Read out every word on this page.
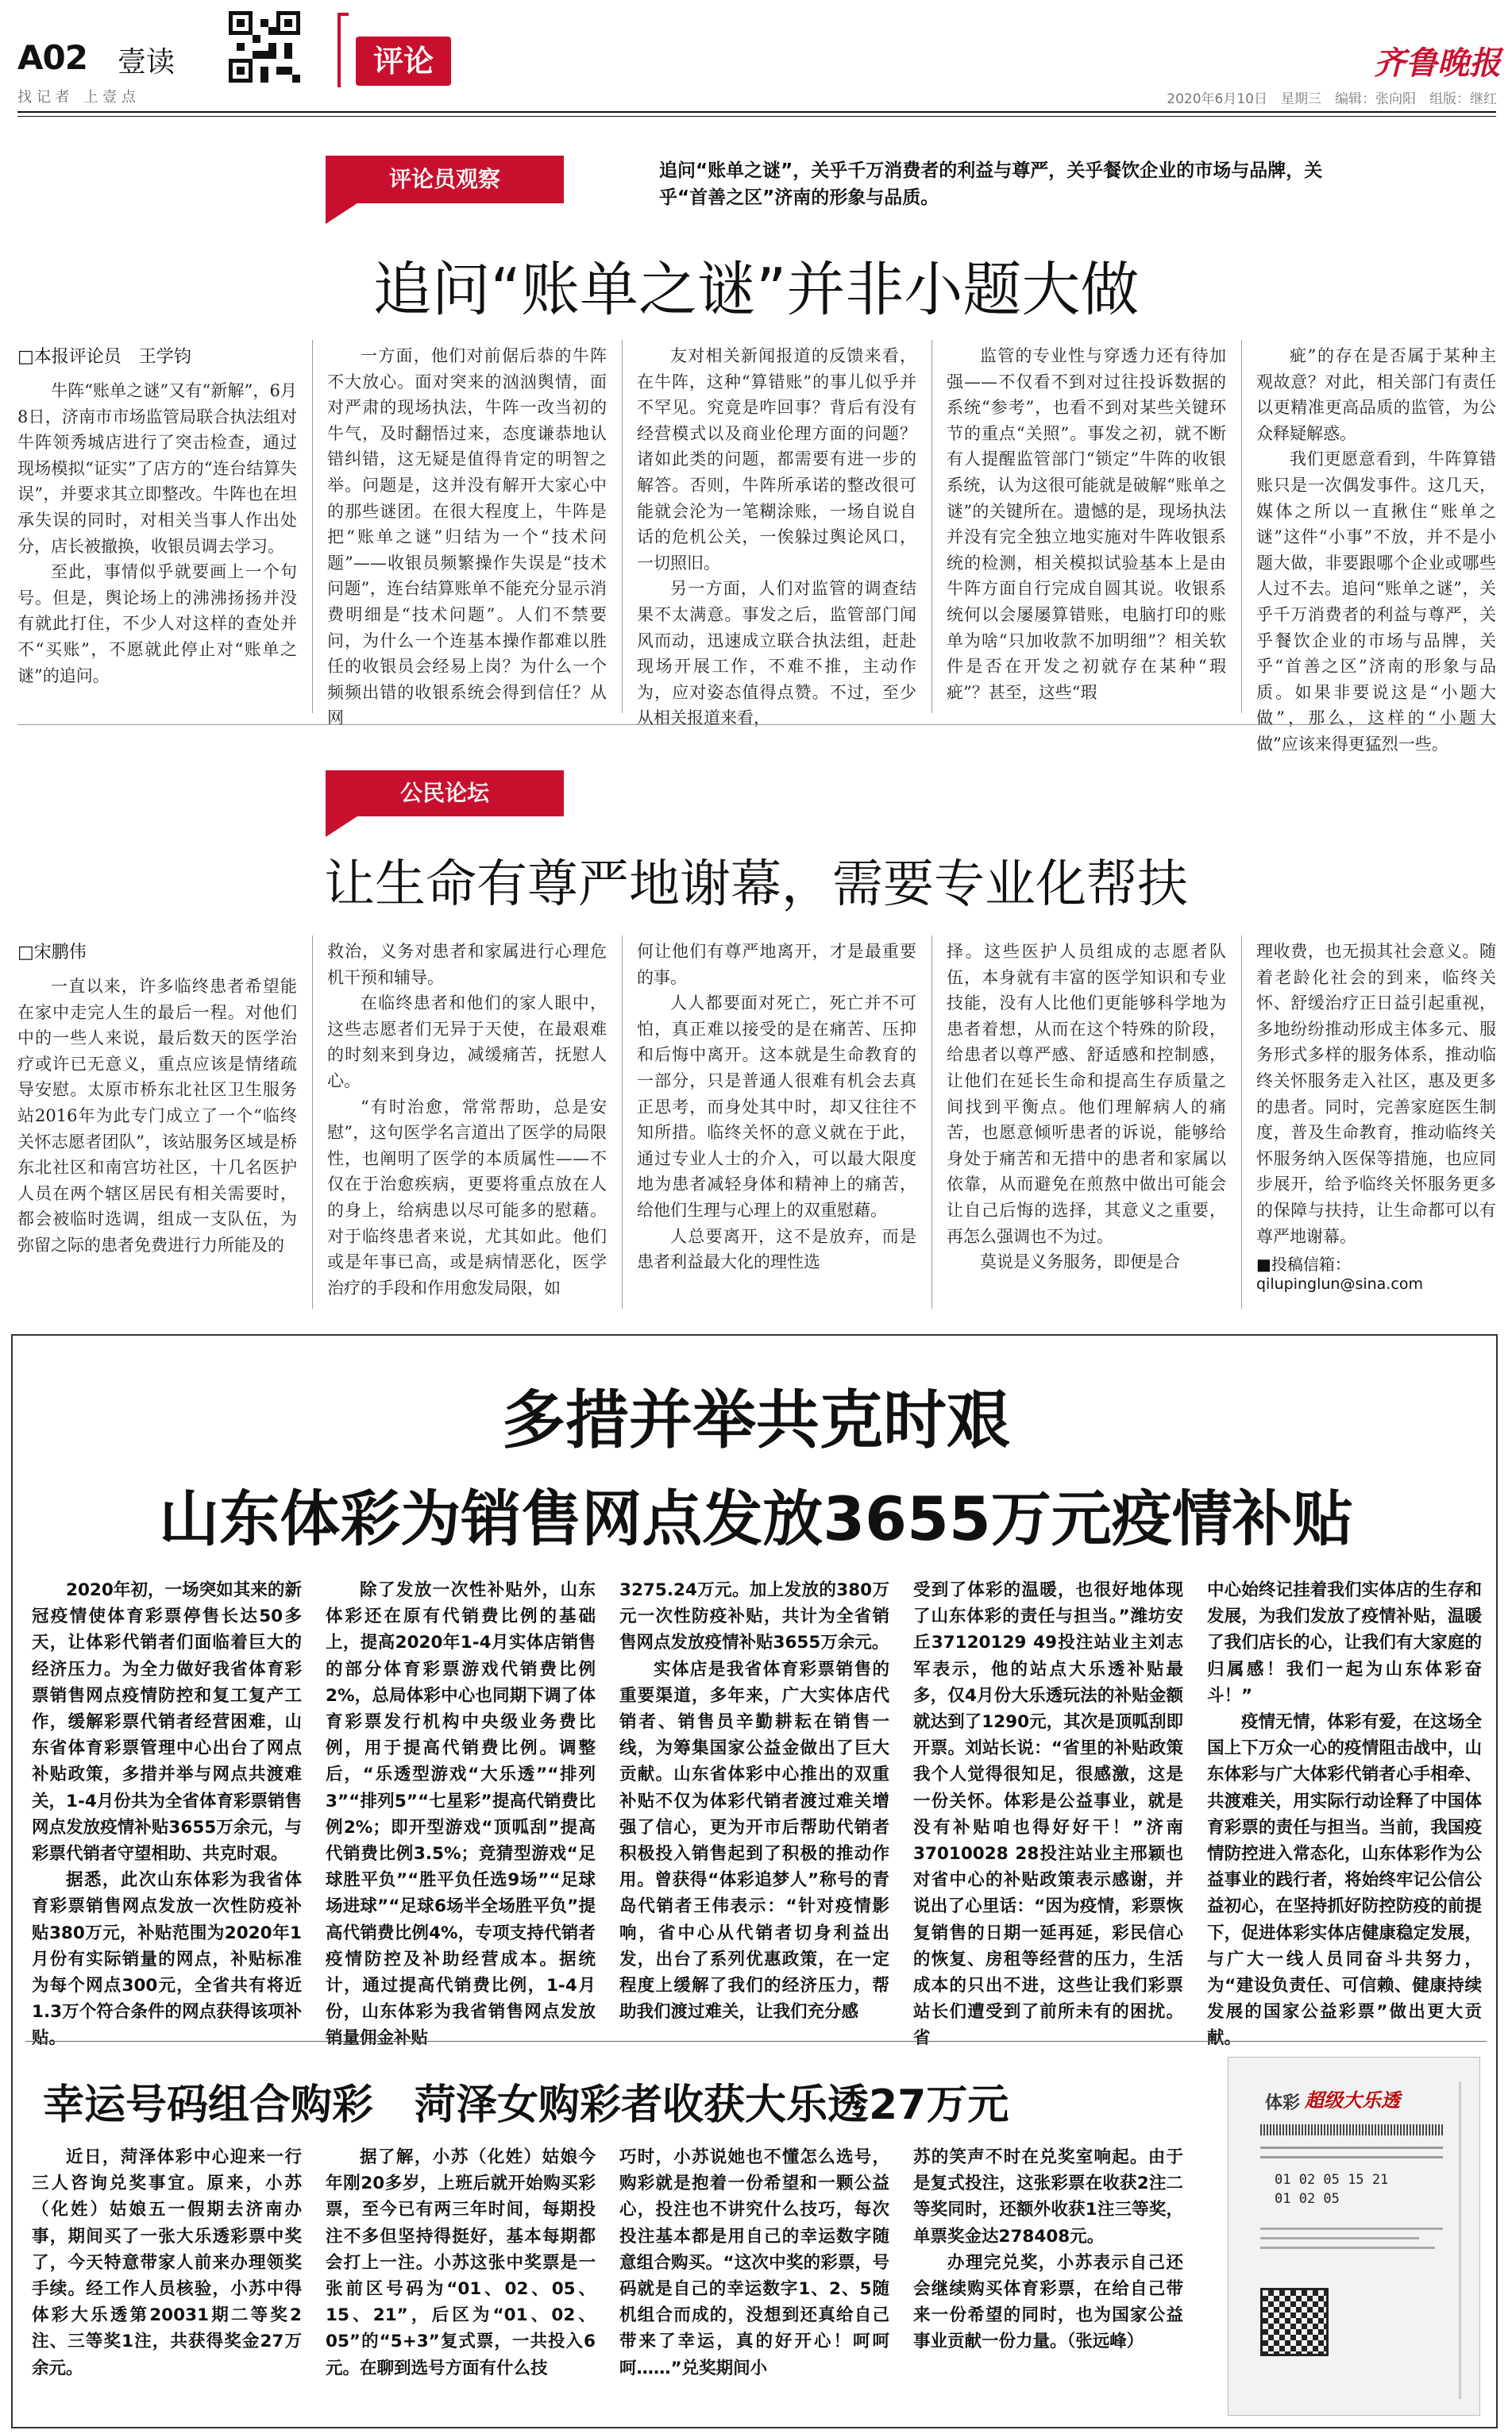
A02 壹读
找 记 者　上 壹 点
评论	齐鲁晚报
2020年6月10日　星期三　编辑：张向阳　组版：继红
评论员观察	追问“账单之谜”，关乎千万消费者的利益与尊严，关乎餐饮企业的市场与品牌，关乎“首善之区”济南的形象与品质。
追问“账单之谜”并非小题大做
□本报评论员　王学钧

牛阵“账单之谜”又有“新解”，6月8日，济南市市场监管局联合执法组对牛阵领秀城店进行了突击检查，通过现场模拟“证实”了店方的“连台结算失误”，并要求其立即整改。牛阵也在坦承失误的同时，对相关当事人作出处分，店长被撤换，收银员调去学习。

至此，事情似乎就要画上一个句号。但是，舆论场上的沸沸扬扬并没有就此打住，不少人对这样的查处并不“买账”，不愿就此停止对“账单之谜”的追问。

一方面，他们对前倨后恭的牛阵不大放心。面对突来的汹汹舆情，面对严肃的现场执法，牛阵一改当初的牛气，及时翻悟过来，态度谦恭地认错纠错，这无疑是值得肯定的明智之举。问题是，这并没有解开大家心中的那些谜团。在很大程度上，牛阵是把“账单之谜”归结为一个“技术问题”——收银员频繁操作失误是“技术问题”，连台结算账单不能充分显示消费明细是“技术问题”。人们不禁要问，为什么一个连基本操作都难以胜任的收银员会经易上岗？为什么一个频频出错的收银系统会得到信任？从网

友对相关新闻报道的反馈来看，在牛阵，这种“算错账”的事儿似乎并不罕见。究竟是咋回事？背后有没有经营模式以及商业伦理方面的问题？诸如此类的问题，都需要有进一步的解答。否则，牛阵所承诺的整改很可能就会沦为一笔糊涂账，一场自说自话的危机公关，一俟躲过舆论风口，一切照旧。

另一方面，人们对监管的调查结果不太满意。事发之后，监管部门闻风而动，迅速成立联合执法组，赶赴现场开展工作，不难不推，主动作为，应对姿态值得点赞。不过，至少从相关报道来看，

监管的专业性与穿透力还有待加强——不仅看不到对过往投诉数据的系统“参考”，也看不到对某些关键环节的重点“关照”。事发之初，就不断有人提醒监管部门“锁定”牛阵的收银系统，认为这很可能就是破解“账单之谜”的关键所在。遗憾的是，现场执法并没有完全独立地实施对牛阵收银系统的检测，相关模拟试验基本上是由牛阵方面自行完成自圆其说。收银系统何以会屡屡算错账，电脑打印的账单为啥“只加收款不加明细”？相关软件是否在开发之初就存在某种“瑕疵”？甚至，这些“瑕

疵”的存在是否属于某种主观故意？对此，相关部门有责任以更精准更高品质的监管，为公众释疑解惑。

我们更愿意看到，牛阵算错账只是一次偶发事件。这几天，媒体之所以一直揪住“账单之谜”这件“小事”不放，并不是小题大做，非要跟哪个企业或哪些人过不去。追问“账单之谜”，关乎千万消费者的利益与尊严，关乎餐饮企业的市场与品牌，关乎“首善之区”济南的形象与品质。如果非要说这是“小题大做”，那么，这样的“小题大做”应该来得更猛烈一些。

公民论坛
让生命有尊严地谢幕，需要专业化帮扶
□宋鹏伟

一直以来，许多临终患者希望能在家中走完人生的最后一程。对他们中的一些人来说，最后数天的医学治疗或许已无意义，重点应该是情绪疏导安慰。太原市桥东北社区卫生服务站2016年为此专门成立了一个“临终关怀志愿者团队”，该站服务区域是桥东北社区和南宫坊社区，十几名医护人员在两个辖区居民有相关需要时，都会被临时选调，组成一支队伍，为弥留之际的患者免费进行力所能及的

救治，义务对患者和家属进行心理危机干预和辅导。

在临终患者和他们的家人眼中，这些志愿者们无异于天使，在最艰难的时刻来到身边，减缓痛苦，抚慰人心。

“有时治愈，常常帮助，总是安慰”，这句医学名言道出了医学的局限性，也阐明了医学的本质属性——不仅在于治愈疾病，更要将重点放在人的身上，给病患以尽可能多的慰藉。对于临终患者来说，尤其如此。他们或是年事已高，或是病情恶化，医学治疗的手段和作用愈发局限，如

何让他们有尊严地离开，才是最重要的事。

人人都要面对死亡，死亡并不可怕，真正难以接受的是在痛苦、压抑和后悔中离开。这本就是生命教育的一部分，只是普通人很难有机会去真正思考，而身处其中时，却又往往不知所措。临终关怀的意义就在于此，通过专业人士的介入，可以最大限度地为患者减轻身体和精神上的痛苦，给他们生理与心理上的双重慰藉。

人总要离开，这不是放弃，而是患者利益最大化的理性选

择。这些医护人员组成的志愿者队伍，本身就有丰富的医学知识和专业技能，没有人比他们更能够科学地为患者着想，从而在这个特殊的阶段，给患者以尊严感、舒适感和控制感，让他们在延长生命和提高生存质量之间找到平衡点。他们理解病人的痛苦，也愿意倾听患者的诉说，能够给身处于痛苦和无措中的患者和家属以依靠，从而避免在煎熬中做出可能会让自己后悔的选择，其意义之重要，再怎么强调也不为过。

莫说是义务服务，即便是合

理收费，也无损其社会意义。随着老龄化社会的到来，临终关怀、舒缓治疗正日益引起重视，多地纷纷推动形成主体多元、服务形式多样的服务体系，推动临终关怀服务走入社区，惠及更多的患者。同时，完善家庭医生制度，普及生命教育，推动临终关怀服务纳入医保等措施，也应同步展开，给予临终关怀服务更多的保障与扶持，让生命都可以有尊严地谢幕。

■投稿信箱：
qilupinglun@sina.com
多措并举共克时艰
山东体彩为销售网点发放3655万元疫情补贴

2020年初，一场突如其来的新冠疫情使体育彩票停售长达50多天，让体彩代销者们面临着巨大的经济压力。为全力做好我省体育彩票销售网点疫情防控和复工复产工作，缓解彩票代销者经营困难，山东省体育彩票管理中心出台了网点补贴政策，多措并举与网点共渡难关，1-4月份共为全省体育彩票销售网点发放疫情补贴3655万余元，与彩票代销者守望相助、共克时艰。

据悉，此次山东体彩为我省体育彩票销售网点发放一次性防疫补贴380万元，补贴范围为2020年1月份有实际销量的网点，补贴标准为每个网点300元，全省共有将近1.3万个符合条件的网点获得该项补贴。

除了发放一次性补贴外，山东体彩还在原有代销费比例的基础上，提高2020年1-4月实体店销售的部分体育彩票游戏代销费比例2%，总局体彩中心也同期下调了体育彩票发行机构中央级业务费比例，用于提高代销费比例。调整后，“乐透型游戏“大乐透”“排列3”“排列5”“七星彩”提高代销费比例2%；即开型游戏“顶呱刮”提高代销费比例3.5%；竞猜型游戏“足球胜平负”“胜平负任选9场”“足球场进球”“足球6场半全场胜平负”提高代销费比例4%，专项支持代销者疫情防控及补助经营成本。据统计，通过提高代销费比例，1-4月份，山东体彩为我省销售网点发放销量佣金补贴

3275.24万元。加上发放的380万元一次性防疫补贴，共计为全省销售网点发放疫情补贴3655万余元。

实体店是我省体育彩票销售的重要渠道，多年来，广大实体店代销者、销售员辛勤耕耘在销售一线，为筹集国家公益金做出了巨大贡献。山东省体彩中心推出的双重补贴不仅为体彩代销者渡过难关增强了信心，更为开市后帮助代销者积极投入销售起到了积极的推动作用。曾获得“体彩追梦人”称号的青岛代销者王伟表示：“针对疫情影响，省中心从代销者切身利益出发，出台了系列优惠政策，在一定程度上缓解了我们的经济压力，帮助我们渡过难关，让我们充分感

受到了体彩的温暖，也很好地体现了山东体彩的责任与担当。”潍坊安丘37120129 49投注站业主刘志军表示，他的站点大乐透补贴最多，仅4月份大乐透玩法的补贴金额就达到了1290元，其次是顶呱刮即开票。刘站长说：“省里的补贴政策我个人觉得很知足，很感激，这是一份关怀。体彩是公益事业，就是没有补贴咱也得好好干！”济南37010028 28投注站业主邢颖也对省中心的补贴政策表示感谢，并说出了心里话：“因为疫情，彩票恢复销售的日期一延再延，彩民信心的恢复、房租等经营的压力，生活成本的只出不进，这些让我们彩票站长们遭受到了前所未有的困扰。省

中心始终记挂着我们实体店的生存和发展，为我们发放了疫情补贴，温暖了我们店长的心，让我们有大家庭的归属感！我们一起为山东体彩奋斗！”

疫情无情，体彩有爱，在这场全国上下万众一心的疫情阻击战中，山东体彩与广大体彩代销者心手相牵、共渡难关，用实际行动诠释了中国体育彩票的责任与担当。当前，我国疫情防控进入常态化，山东体彩作为公益事业的践行者，将始终牢记公信公益初心，在坚持抓好防控防疫的前提下，促进体彩实体店健康稳定发展，与广大一线人员同奋斗共努力，为“建设负责任、可信赖、健康持续发展的国家公益彩票”做出更大贡献。

幸运号码组合购彩　菏泽女购彩者收获大乐透27万元

近日，菏泽体彩中心迎来一行三人咨询兑奖事宜。原来，小苏（化姓）姑娘五一假期去济南办事，期间买了一张大乐透彩票中奖了，今天特意带家人前来办理领奖手续。经工作人员核验，小苏中得体彩大乐透第20031期二等奖2注、三等奖1注，共获得奖金27万余元。

据了解，小苏（化姓）姑娘今年刚20多岁，上班后就开始购买彩票，至今已有两三年时间，每期投注不多但坚持得挺好，基本每期都会打上一注。小苏这张中奖票是一张前区号码为“01、02、05、15、21”，后区为“01、02、05”的“5+3”复式票，一共投入6元。在聊到选号方面有什么技

巧时，小苏说她也不懂怎么选号，购彩就是抱着一份希望和一颗公益心，投注也不讲究什么技巧，每次投注基本都是用自己的幸运数字随意组合购买。“这次中奖的彩票，号码就是自己的幸运数字1、2、5随机组合而成的，没想到还真给自己带来了幸运，真的好开心！呵呵呵……”兑奖期间小

苏的笑声不时在兑奖室响起。由于是复式投注，这张彩票在收获2注二等奖同时，还额外收获1注三等奖，单票奖金达278408元。

办理完兑奖，小苏表示自己还会继续购买体育彩票，在给自己带来一份希望的同时，也为国家公益事业贡献一份力量。（张远峰）

体彩 超级大乐透
01 02 05 15 21
01 02 05
